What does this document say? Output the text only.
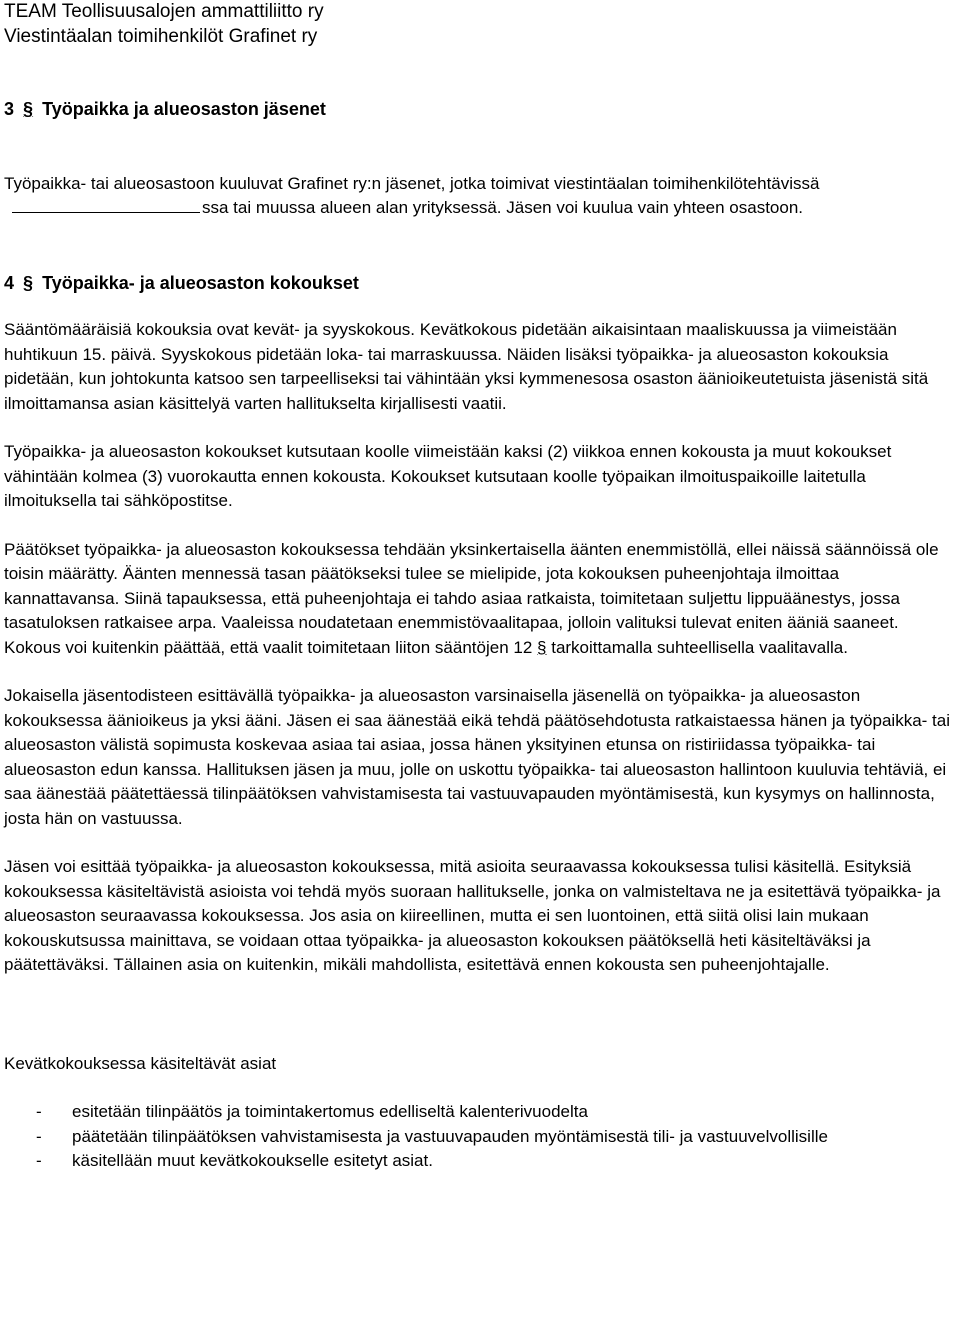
TEAM Teollisuusalojen ammattiliitto ry
Viestintäalan toimihenkilöt Grafinet ry
3 § Työpaikka ja alueosaston jäsenet

Työpaikka- tai alueosastoon kuuluvat Grafinet ry:n jäsenet, jotka toimivat viestintäalan toimihenkilötehtävissässa tai muussa alueen alan yrityksessä. Jäsen voi kuulua vain yhteen osastoon.

4 § Työpaikka- ja alueosaston kokoukset

Sääntömääräisiä kokouksia ovat kevät- ja syyskokous. Kevätkokous pidetään aikaisintaan maaliskuussa ja viimeistään huhtikuun 15. päivä. Syyskokous pidetään loka- tai marraskuussa. Näiden lisäksi työpaikka- ja alueosaston kokouksia pidetään, kun johtokunta katsoo sen tarpeelliseksi tai vähintään yksi kymmenesosa osaston äänioikeutetuista jäsenistä sitä ilmoittamansa asian käsittelyä varten hallitukselta kirjallisesti vaatii.

Työpaikka- ja alueosaston kokoukset kutsutaan koolle viimeistään kaksi (2) viikkoa ennen kokousta ja muut kokoukset vähintään kolmea (3) vuorokautta ennen kokousta. Kokoukset kutsutaan koolle työpaikan ilmoituspaikoille laitetulla ilmoituksella tai sähköpostitse.

Päätökset työpaikka- ja alueosaston kokouksessa tehdään yksinkertaisella äänten enemmistöllä, ellei näissä säännöissä ole toisin määrätty. Äänten mennessä tasan päätökseksi tulee se mielipide, jota kokouksen puheenjohtaja ilmoittaa kannattavansa. Siinä tapauksessa, että puheenjohtaja ei tahdo asiaa ratkaista, toimitetaan suljettu lippuäänestys, jossa tasatuloksen ratkaisee arpa. Vaaleissa noudatetaan enemmistövaalitapaa, jolloin valituksi tulevat eniten ääniä saaneet. Kokous voi kuitenkin päättää, että vaalit toimitetaan liiton sääntöjen 12 § tarkoittamalla suhteellisella vaalitavalla.

Jokaisella jäsentodisteen esittävällä työpaikka- ja alueosaston varsinaisella jäsenellä on työpaikka- ja alueosaston kokouksessa äänioikeus ja yksi ääni. Jäsen ei saa äänestää eikä tehdä päätösehdotusta ratkaistaessa hänen ja työpaikka- tai alueosaston välistä sopimusta koskevaa asiaa tai asiaa, jossa hänen yksityinen etunsa on ristiriidassa työpaikka- tai alueosaston edun kanssa. Hallituksen jäsen ja muu, jolle on uskottu työpaikka- tai alueosaston hallintoon kuuluvia tehtäviä, ei saa äänestää päätettäessä tilinpäätöksen vahvistamisesta tai vastuuvapauden myöntämisestä, kun kysymys on hallinnosta, josta hän on vastuussa.

Jäsen voi esittää työpaikka- ja alueosaston kokouksessa, mitä asioita seuraavassa kokouksessa tulisi käsitellä. Esityksiä kokouksessa käsiteltävistä asioista voi tehdä myös suoraan hallitukselle, jonka on valmisteltava ne ja esitettävä työpaikka- ja alueosaston seuraavassa kokouksessa. Jos asia on kiireellinen, mutta ei sen luontoinen, että siitä olisi lain mukaan kokouskutsussa mainittava, se voidaan ottaa työpaikka- ja alueosaston kokouksen päätöksellä heti käsiteltäväksi ja päätettäväksi. Tällainen asia on kuitenkin, mikäli mahdollista, esitettävä ennen kokousta sen puheenjohtajalle.

Kevätkokouksessa käsiteltävät asiat

- esitetään tilinpäätös ja toimintakertomus edelliseltä kalenterivuodelta
- päätetään tilinpäätöksen vahvistamisesta ja vastuuvapauden myöntämisestä tili- ja vastuuvelvollisille
- käsitellään muut kevätkokoukselle esitetyt asiat.
